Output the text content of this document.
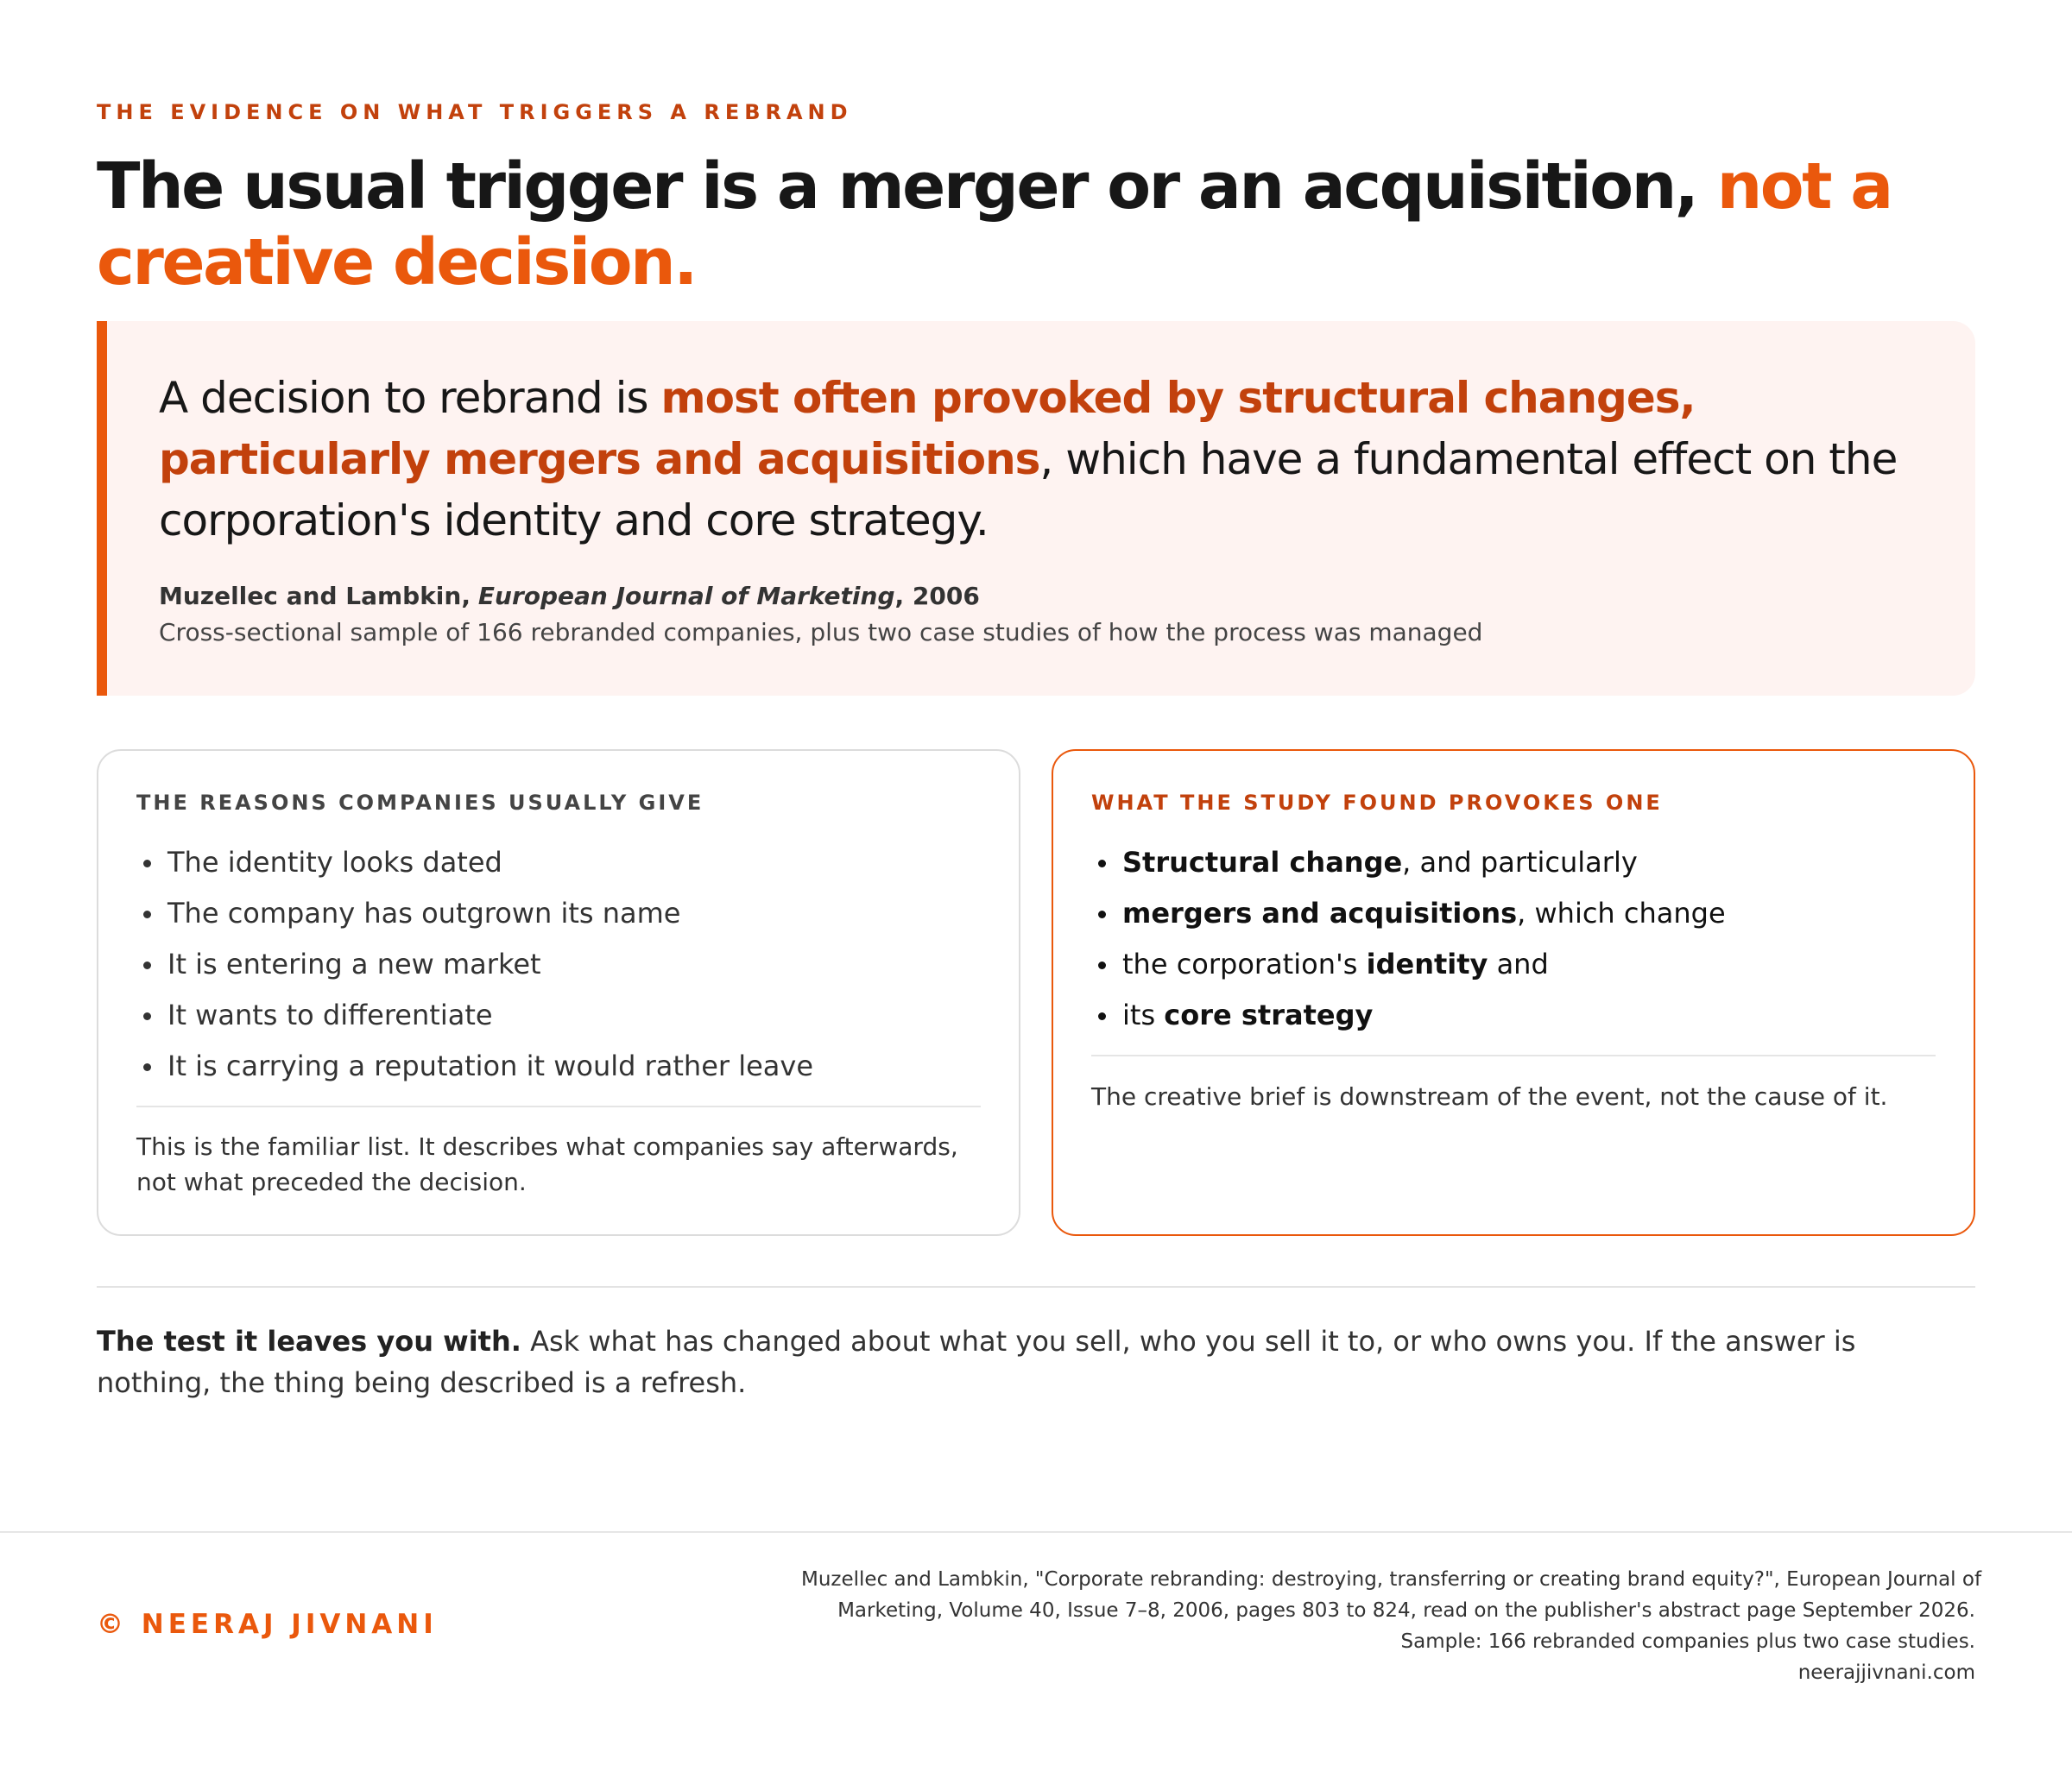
THE EVIDENCE ON WHAT TRIGGERS A REBRAND
The usual trigger is a merger or an acquisition, not a creative decision.

A decision to rebrand is most often provoked by structural changes, particularly mergers and acquisitions, which have a fundamental effect on the corporation's identity and core strategy.

Muzellec and Lambkin, European Journal of Marketing, 2006
Cross-sectional sample of 166 rebranded companies, plus two case studies of how the process was managed
THE REASONS COMPANIES USUALLY GIVE
The identity looks dated
The company has outgrown its name
It is entering a new market
It wants to differentiate
It is carrying a reputation it would rather leave
This is the familiar list. It describes what companies say afterwards, not what preceded the decision.
WHAT THE STUDY FOUND PROVOKES ONE
Structural change, and particularly
mergers and acquisitions, which change
the corporation's identity and
its core strategy
The creative brief is downstream of the event, not the cause of it.

The test it leaves you with. Ask what has changed about what you sell, who you sell it to, or who owns you. If the answer is nothing, the thing being described is a refresh.

© NEERAJ JIVNANI
Muzellec and Lambkin, "Corporate rebranding: destroying, transferring or creating brand equity?", European Journal of
Marketing, Volume 40, Issue 7–8, 2006, pages 803 to 824, read on the publisher's abstract page September 2026.
Sample: 166 rebranded companies plus two case studies.
neerajjivnani.com
